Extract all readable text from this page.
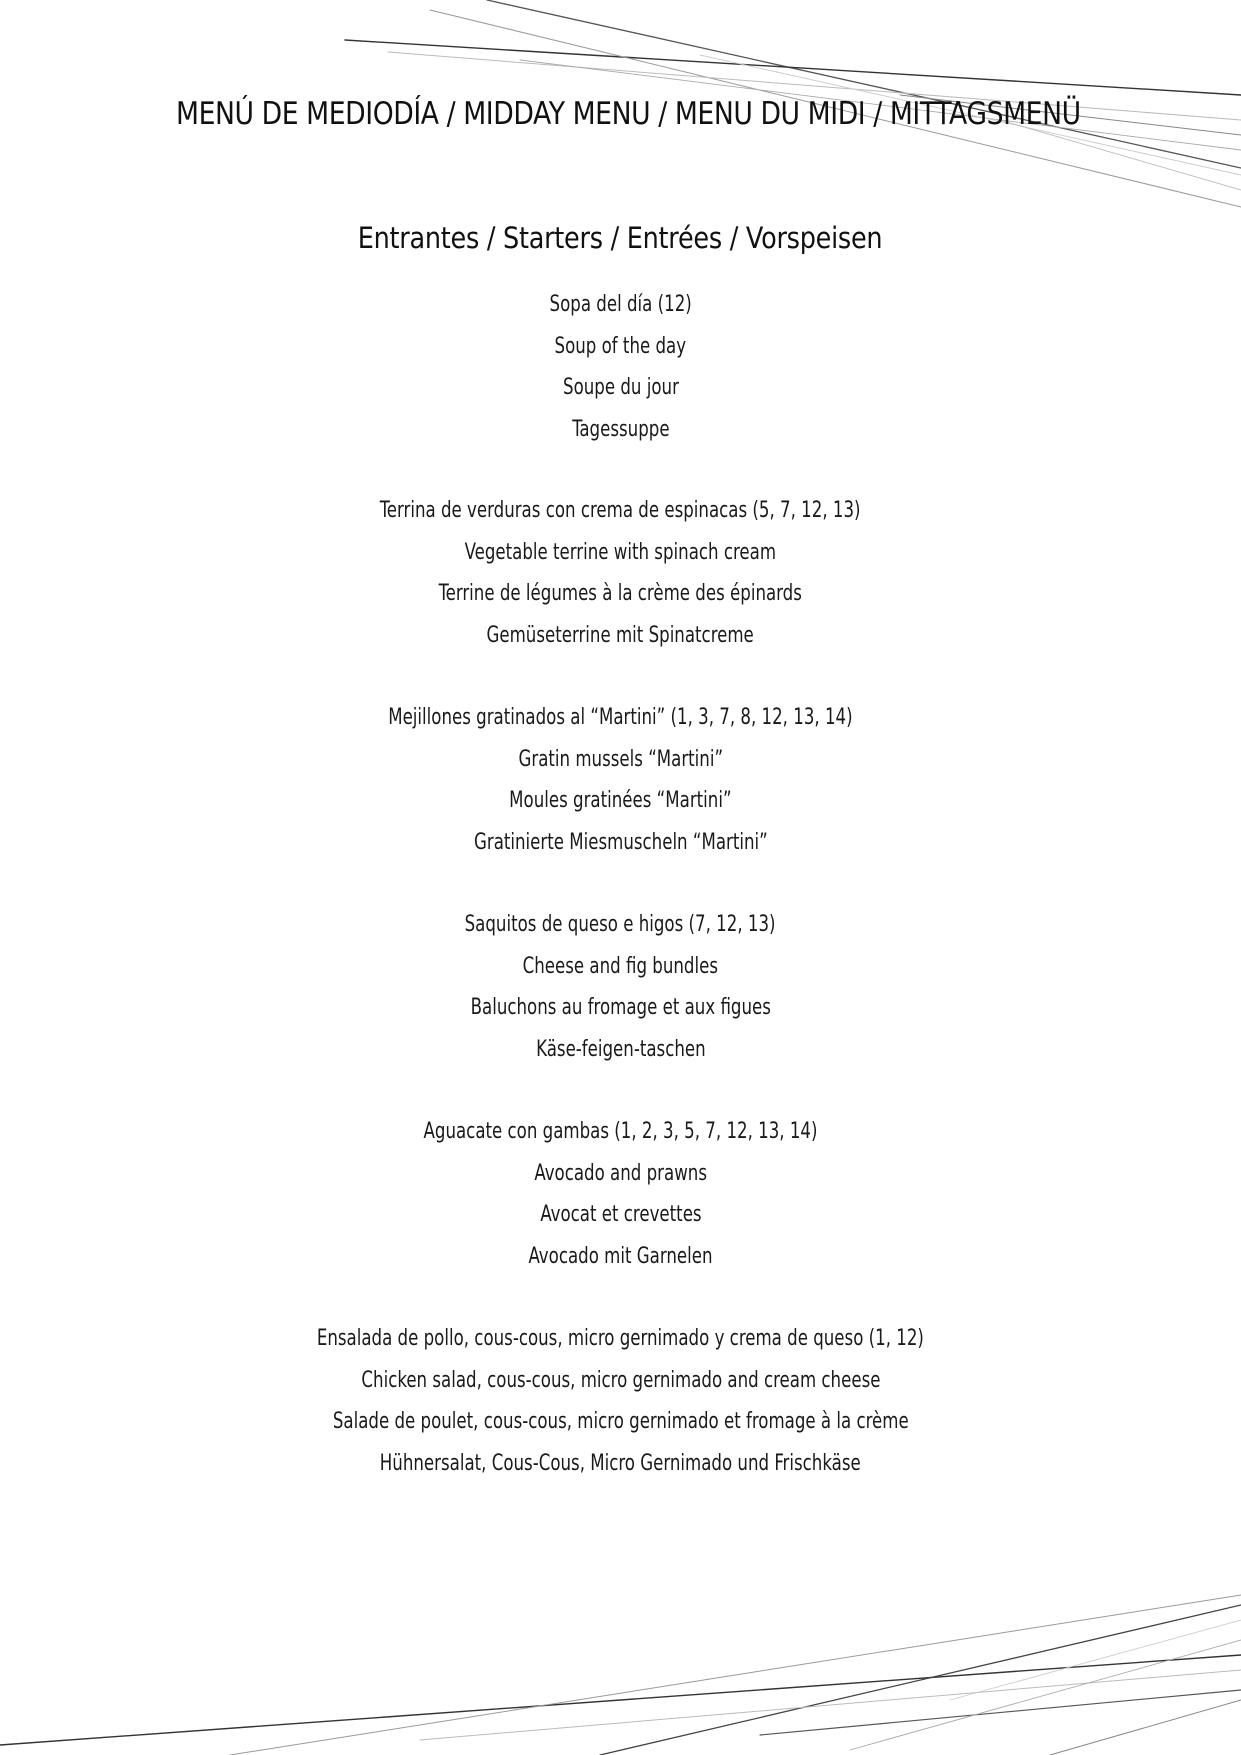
MENÚ DE MEDIODÍA / MIDDAY MENU / MENU DU MIDI / MITTAGSMENÜ
Entrantes / Starters / Entrées / Vorspeisen
Sopa del día (12)
Soup of the day
Soupe du jour
Tagessuppe
Terrina de verduras con crema de espinacas (5, 7, 12, 13)
Vegetable terrine with spinach cream
Terrine de légumes à la crème des épinards
Gemüseterrine mit Spinatcreme
Mejillones gratinados al “Martini” (1, 3, 7, 8, 12, 13, 14)
Gratin mussels “Martini”
Moules gratinées “Martini”
Gratinierte Miesmuscheln “Martini”
Saquitos de queso e higos (7, 12, 13)
Cheese and fig bundles
Baluchons au fromage et aux figues
Käse-feigen-taschen
Aguacate con gambas (1, 2, 3, 5, 7, 12, 13, 14)
Avocado and prawns
Avocat et crevettes
Avocado mit Garnelen
Ensalada de pollo, cous-cous, micro gernimado y crema de queso (1, 12)
Chicken salad, cous-cous, micro gernimado and cream cheese
Salade de poulet, cous-cous, micro gernimado et fromage à la crème
Hühnersalat, Cous-Cous, Micro Gernimado und Frischkäse
